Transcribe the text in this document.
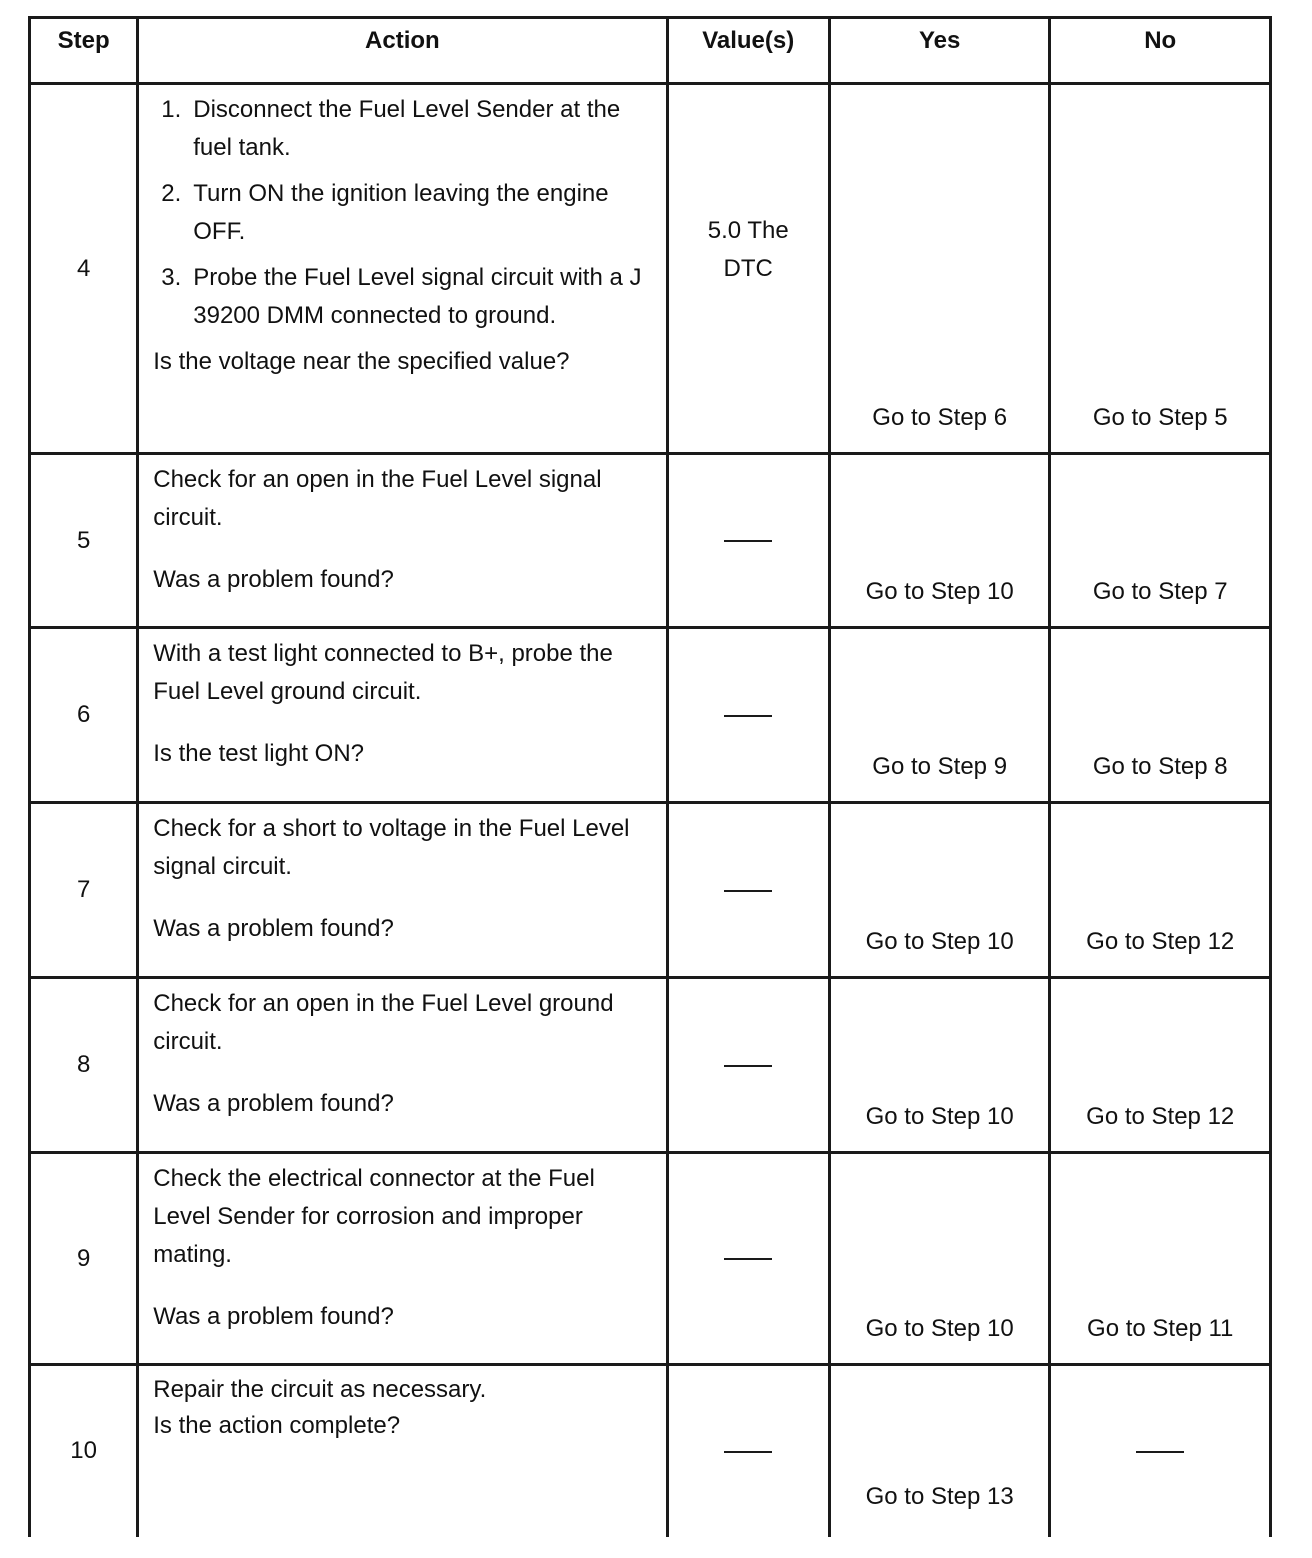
Step	Action	Value(s)	Yes	No
4	1. Disconnect the Fuel Level Sender at the fuel tank.
2. Turn ON the ignition leaving the engine OFF.
3. Probe the Fuel Level signal circuit with a J 39200 DMM connected to ground.
Is the voltage near the specified value?	5.0 The DTC	Go to Step 6	Go to Step 5
5	Check for an open in the Fuel Level signal circuit.
Was a problem found?		Go to Step 10	Go to Step 7
6	With a test light connected to B+, probe the Fuel Level ground circuit.
Is the test light ON?		Go to Step 9	Go to Step 8
7	Check for a short to voltage in the Fuel Level signal circuit.
Was a problem found?		Go to Step 10	Go to Step 12
8	Check for an open in the Fuel Level ground circuit.
Was a problem found?		Go to Step 10	Go to Step 12
9	Check the electrical connector at the Fuel Level Sender for corrosion and improper mating.
Was a problem found?		Go to Step 10	Go to Step 11
10	Repair the circuit as necessary.
Is the action complete?		Go to Step 13	
